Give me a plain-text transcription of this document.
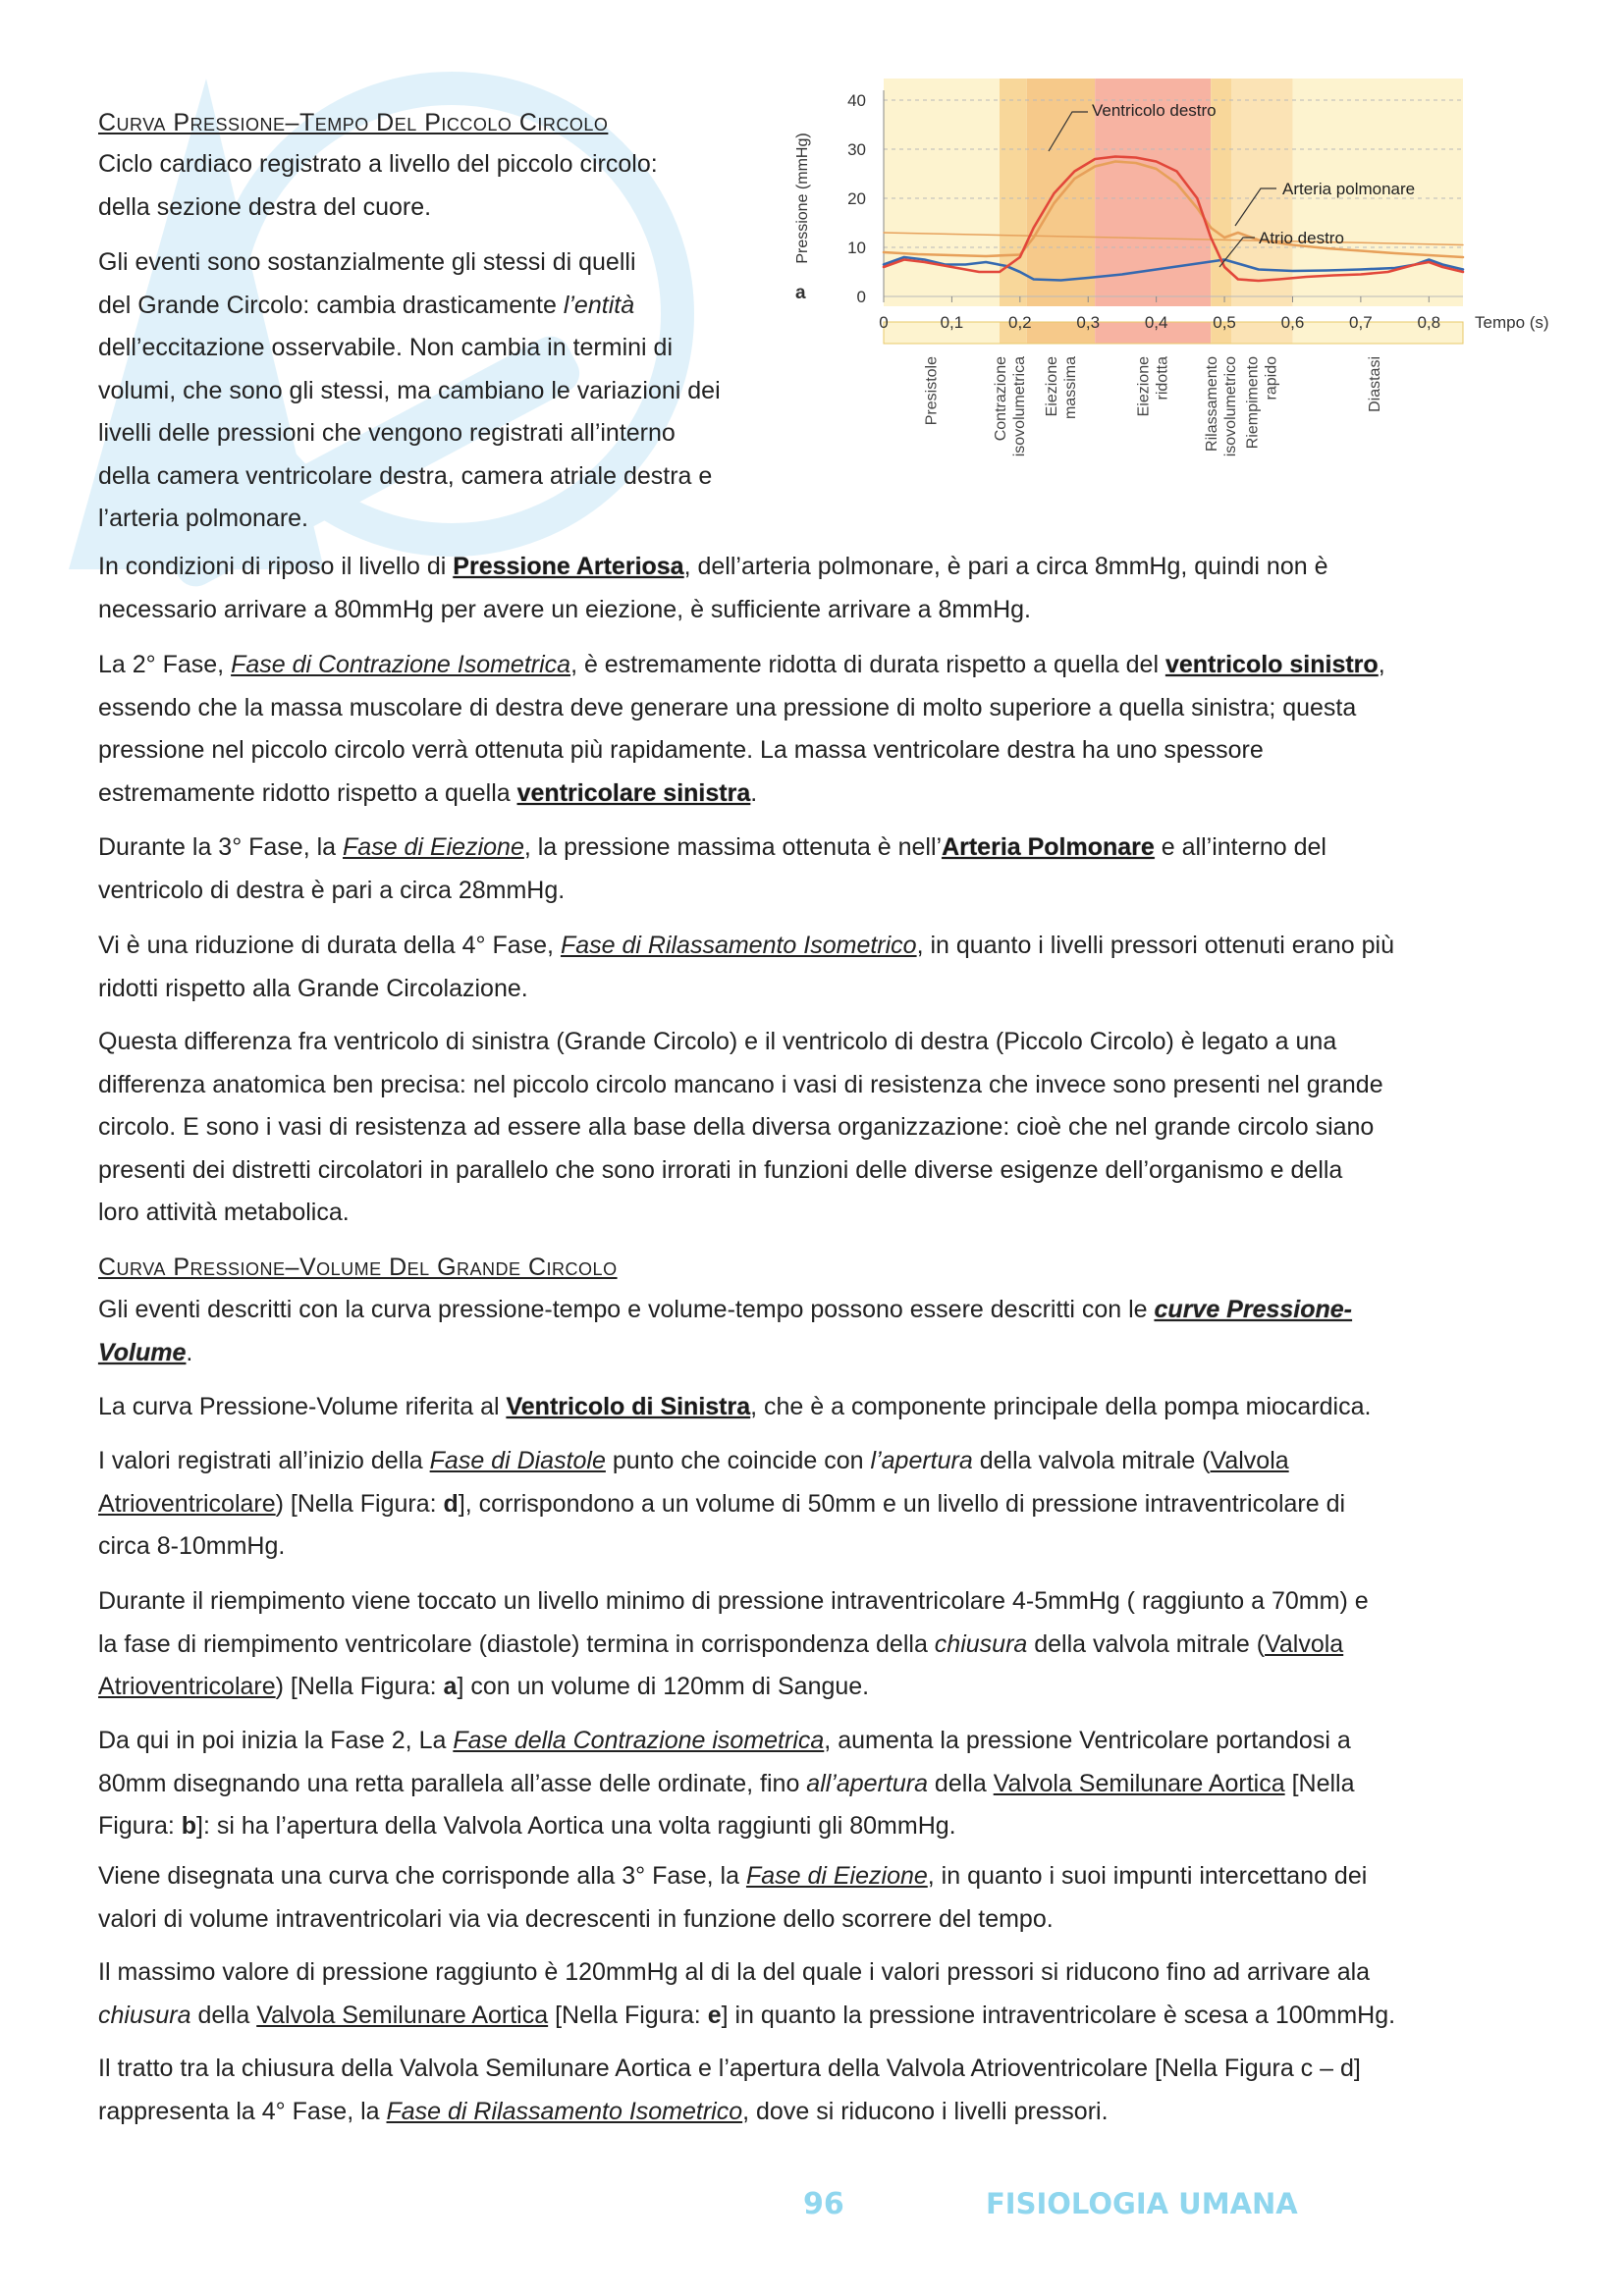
0
10
20
30
40
0	0,1	0,2	0,3	0,4	0,5	0,6	0,7	0,8 Tempo (s)
Pressione (mmHg)
a
Ventricolo destro
Arteria polmonare
Atrio destro
Presistole	Contrazione isovolumetrica Eiezione massima	Eiezione ridotta Rilassamento isovolumetrico Riempimento rapido	Diastasi
Curva Pressione–Tempo Del Piccolo Circolo
Ciclo cardiaco registrato a livello del piccolo circolo:
della sezione destra del cuore.
Gli eventi sono sostanzialmente gli stessi di quelli
del Grande Circolo: cambia drasticamente l’entità
dell’eccitazione osservabile. Non cambia in termini di
volumi, che sono gli stessi, ma cambiano le variazioni dei
livelli delle pressioni che vengono registrati all’interno
della camera ventricolare destra, camera atriale destra e
l’arteria polmonare.
In condizioni di riposo il livello di Pressione Arteriosa, dell’arteria polmonare, è pari a circa 8mmHg, quindi non è
necessario arrivare a 80mmHg per avere un eiezione, è sufficiente arrivare a 8mmHg.
La 2° Fase, Fase di Contrazione Isometrica, è estremamente ridotta di durata rispetto a quella del ventricolo sinistro,
essendo che la massa muscolare di destra deve generare una pressione di molto superiore a quella sinistra; questa
pressione nel piccolo circolo verrà ottenuta più rapidamente. La massa ventricolare destra ha uno spessore
estremamente ridotto rispetto a quella ventricolare sinistra.
Durante la 3° Fase, la Fase di Eiezione, la pressione massima ottenuta è nell’Arteria Polmonare e all’interno del
ventricolo di destra è pari a circa 28mmHg.
Vi è una riduzione di durata della 4° Fase, Fase di Rilassamento Isometrico, in quanto i livelli pressori ottenuti erano più
ridotti rispetto alla Grande Circolazione.
Questa differenza fra ventricolo di sinistra (Grande Circolo) e il ventricolo di destra (Piccolo Circolo) è legato a una
differenza anatomica ben precisa: nel piccolo circolo mancano i vasi di resistenza che invece sono presenti nel grande
circolo. E sono i vasi di resistenza ad essere alla base della diversa organizzazione: cioè che nel grande circolo siano
presenti dei distretti circolatori in parallelo che sono irrorati in funzioni delle diverse esigenze dell’organismo e della
loro attività metabolica.
Curva Pressione–Volume Del Grande Circolo
Gli eventi descritti con la curva pressione-tempo e volume-tempo possono essere descritti con le curve Pressione-
Volume.
La curva Pressione-Volume riferita al Ventricolo di Sinistra, che è a componente principale della pompa miocardica.
I valori registrati all’inizio della Fase di Diastole punto che coincide con l’apertura della valvola mitrale (Valvola
Atrioventricolare) [Nella Figura: d], corrispondono a un volume di 50mm e un livello di pressione intraventricolare di
circa 8-10mmHg.
Durante il riempimento viene toccato un livello minimo di pressione intraventricolare 4-5mmHg ( raggiunto a 70mm) e
la fase di riempimento ventricolare (diastole) termina in corrispondenza della chiusura della valvola mitrale (Valvola
Atrioventricolare) [Nella Figura: a] con un volume di 120mm di Sangue.
Da qui in poi inizia la Fase 2, La Fase della Contrazione isometrica, aumenta la pressione Ventricolare portandosi a
80mm disegnando una retta parallela all’asse delle ordinate, fino all’apertura della Valvola Semilunare Aortica [Nella
Figura: b]: si ha l’apertura della Valvola Aortica una volta raggiunti gli 80mmHg.
Viene disegnata una curva che corrisponde alla 3° Fase, la Fase di Eiezione, in quanto i suoi impunti intercettano dei
valori di volume intraventricolari via via decrescenti in funzione dello scorrere del tempo.
Il massimo valore di pressione raggiunto è 120mmHg al di la del quale i valori pressori si riducono fino ad arrivare ala
chiusura della Valvola Semilunare Aortica [Nella Figura: e] in quanto la pressione intraventricolare è scesa a 100mmHg.
Il tratto tra la chiusura della Valvola Semilunare Aortica e l’apertura della Valvola Atrioventricolare [Nella Figura c – d]
rappresenta la 4° Fase, la Fase di Rilassamento Isometrico, dove si riducono i livelli pressori.
96	FISIOLOGIA UMANA
